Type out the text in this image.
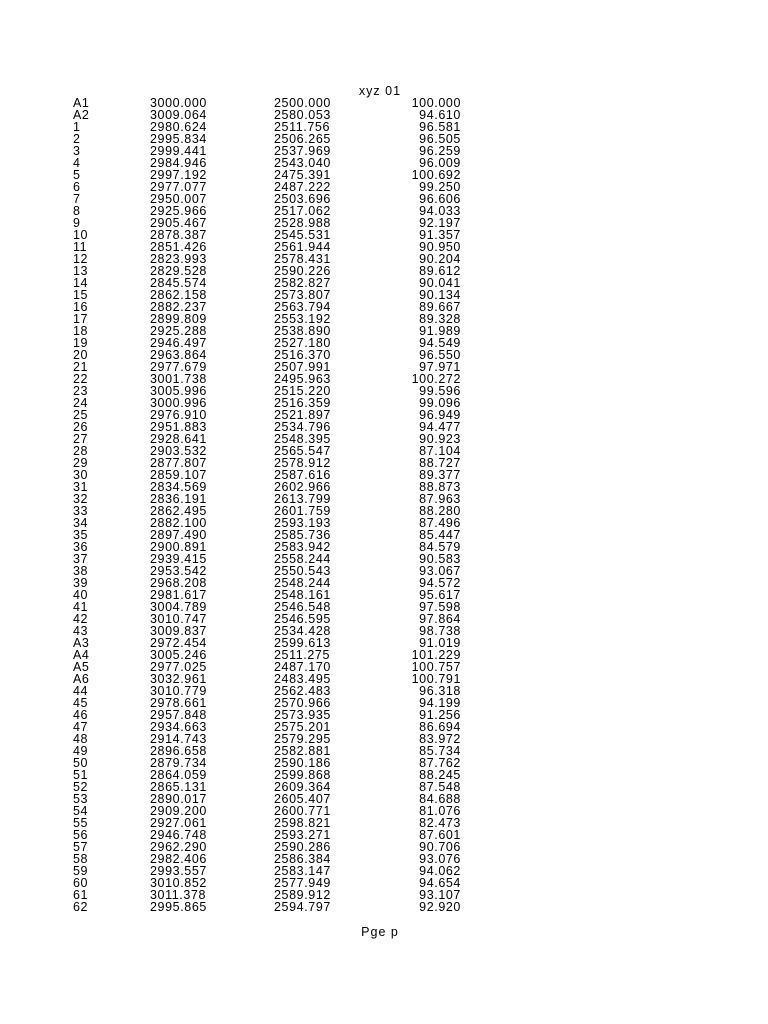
xyz 01
A1	3000.000	2500.000	100.000
A2	3009.064	2580.053	94.610
1	2980.624	2511.756	96.581
2	2995.834	2506.265	96.505
3	2999.441	2537.969	96.259
4	2984.946	2543.040	96.009
5	2997.192	2475.391	100.692
6	2977.077	2487.222	99.250
7	2950.007	2503.696	96.606
8	2925.966	2517.062	94.033
9	2905.467	2528.988	92.197
10	2878.387	2545.531	91.357
11	2851.426	2561.944	90.950
12	2823.993	2578.431	90.204
13	2829.528	2590.226	89.612
14	2845.574	2582.827	90.041
15	2862.158	2573.807	90.134
16	2882.237	2563.794	89.667
17	2899.809	2553.192	89.328
18	2925.288	2538.890	91.989
19	2946.497	2527.180	94.549
20	2963.864	2516.370	96.550
21	2977.679	2507.991	97.971
22	3001.738	2495.963	100.272
23	3005.996	2515.220	99.596
24	3000.996	2516.359	99.096
25	2976.910	2521.897	96.949
26	2951.883	2534.796	94.477
27	2928.641	2548.395	90.923
28	2903.532	2565.547	87.104
29	2877.807	2578.912	88.727
30	2859.107	2587.616	89.377
31	2834.569	2602.966	88.873
32	2836.191	2613.799	87.963
33	2862.495	2601.759	88.280
34	2882.100	2593.193	87.496
35	2897.490	2585.736	85.447
36	2900.891	2583.942	84.579
37	2939.415	2558.244	90.583
38	2953.542	2550.543	93.067
39	2968.208	2548.244	94.572
40	2981.617	2548.161	95.617
41	3004.789	2546.548	97.598
42	3010.747	2546.595	97.864
43	3009.837	2534.428	98.738
A3	2972.454	2599.613	91.019
A4	3005.246	2511.275	101.229
A5	2977.025	2487.170	100.757
A6	3032.961	2483.495	100.791
44	3010.779	2562.483	96.318
45	2978.661	2570.966	94.199
46	2957.848	2573.935	91.256
47	2934.663	2575.201	86.694
48	2914.743	2579.295	83.972
49	2896.658	2582.881	85.734
50	2879.734	2590.186	87.762
51	2864.059	2599.868	88.245
52	2865.131	2609.364	87.548
53	2890.017	2605.407	84.688
54	2909.200	2600.771	81.076
55	2927.061	2598.821	82.473
56	2946.748	2593.271	87.601
57	2962.290	2590.286	90.706
58	2982.406	2586.384	93.076
59	2993.557	2583.147	94.062
60	3010.852	2577.949	94.654
61	3011.378	2589.912	93.107
62	2995.865	2594.797	92.920
Pge p
